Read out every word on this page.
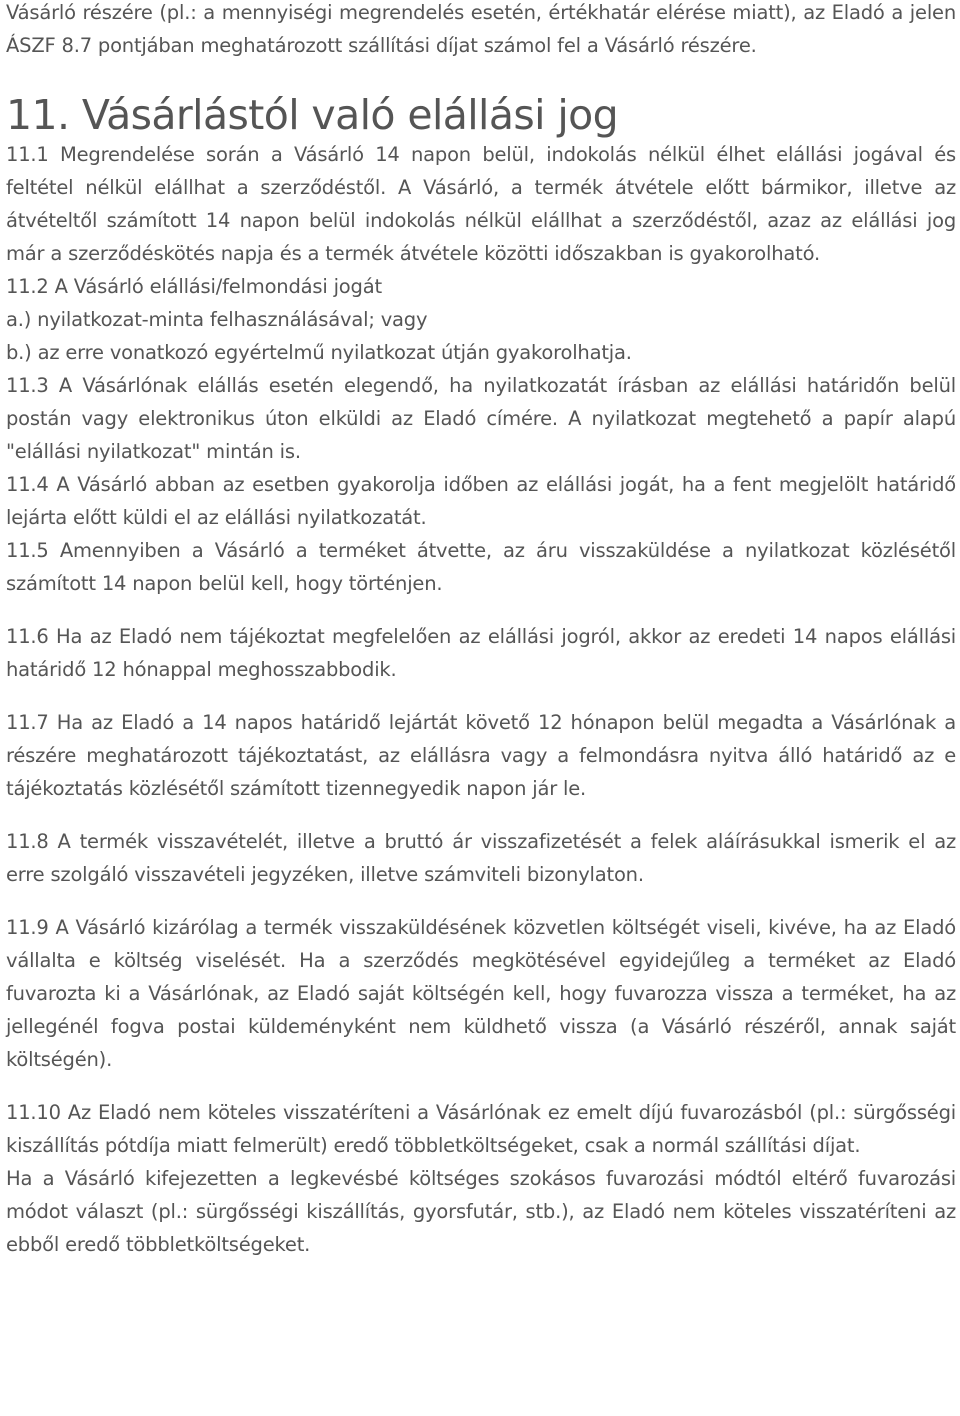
Vásárló részére (pl.: a mennyiségi megrendelés esetén, értékhatár elérése miatt), az Eladó a jelen ÁSZF 8.7 pontjában meghatározott szállítási díjat számol fel a Vásárló részére.

11. Vásárlástól való elállási jog

11.1 Megrendelése során a Vásárló 14 napon belül, indokolás nélkül élhet elállási jogával és feltétel nélkül elállhat a szerződéstől. A Vásárló, a termék átvétele előtt bármikor, illetve az átvételtől számított 14 napon belül indokolás nélkül elállhat a szerződéstől, azaz az elállási jog már a szerződéskötés napja és a termék átvétele közötti időszakban is gyakorolható.

11.2 A Vásárló elállási/felmondási jogát

a.) nyilatkozat-minta felhasználásával; vagy

b.) az erre vonatkozó egyértelmű nyilatkozat útján gyakorolhatja.

11.3 A Vásárlónak elállás esetén elegendő, ha nyilatkozatát írásban az elállási határidőn belül postán vagy elektronikus úton elküldi az Eladó címére. A nyilatkozat megtehető a papír alapú "elállási nyilatkozat" mintán is.

11.4 A Vásárló abban az esetben gyakorolja időben az elállási jogát, ha a fent megjelölt határidő lejárta előtt küldi el az elállási nyilatkozatát.

11.5 Amennyiben a Vásárló a terméket átvette, az áru visszaküldése a nyilatkozat közlésétől számított 14 napon belül kell, hogy történjen.

11.6 Ha az Eladó nem tájékoztat megfelelően az elállási jogról, akkor az eredeti 14 napos elállási határidő 12 hónappal meghosszabbodik.

11.7 Ha az Eladó a 14 napos határidő lejártát követő 12 hónapon belül megadta a Vásárlónak a részére meghatározott tájékoztatást, az elállásra vagy a felmondásra nyitva álló határidő az e tájékoztatás közlésétől számított tizennegyedik napon jár le.

11.8 A termék visszavételét, illetve a bruttó ár visszafizetését a felek aláírásukkal ismerik el az erre szolgáló visszavételi jegyzéken, illetve számviteli bizonylaton.

11.9 A Vásárló kizárólag a termék visszaküldésének közvetlen költségét viseli, kivéve, ha az Eladó vállalta e költség viselését. Ha a szerződés megkötésével egyidejűleg a terméket az Eladó fuvarozta ki a Vásárlónak, az Eladó saját költségén kell, hogy fuvarozza vissza a terméket, ha az jellegénél fogva postai küldeményként nem küldhető vissza (a Vásárló részéről, annak saját költségén).

11.10 Az Eladó nem köteles visszatéríteni a Vásárlónak ez emelt díjú fuvarozásból (pl.: sürgősségi kiszállítás pótdíja miatt felmerült) eredő többletköltségeket, csak a normál szállítási díjat.

Ha a Vásárló kifejezetten a legkevésbé költséges szokásos fuvarozási módtól eltérő fuvarozási módot választ (pl.: sürgősségi kiszállítás, gyorsfutár, stb.), az Eladó nem köteles visszatéríteni az ebből eredő többletköltségeket.
